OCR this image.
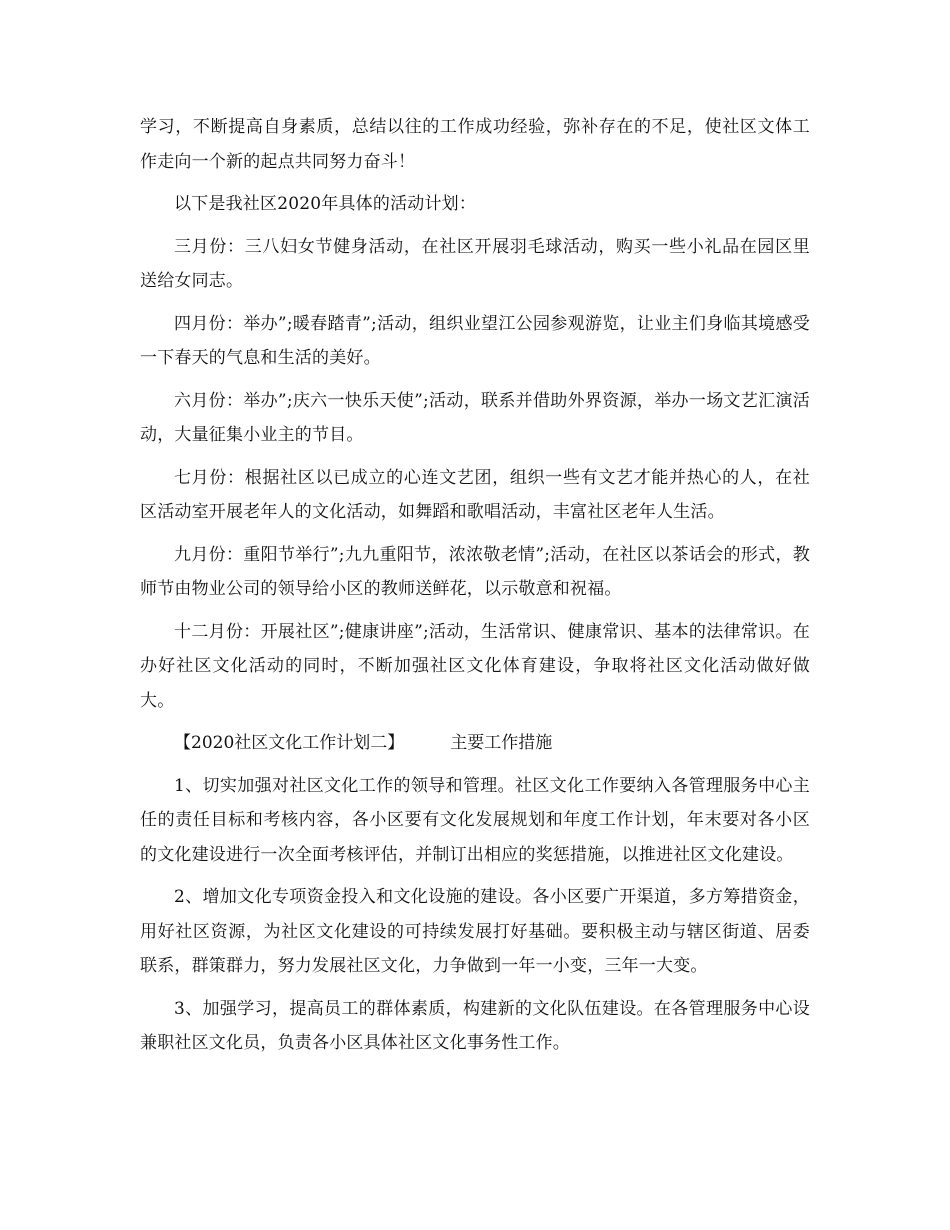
学习，不断提高自身素质，总结以往的工作成功经验，弥补存在的不足，使社区文体工作走向一个新的起点共同努力奋斗！

以下是我社区2020年具体的活动计划：

三月份：三八妇女节健身活动，在社区开展羽毛球活动，购买一些小礼品在园区里送给女同志。

四月份：举办”;暖春踏青”;活动，组织业望江公园参观游览，让业主们身临其境感受一下春天的气息和生活的美好。

六月份：举办”;庆六一快乐天使”;活动，联系并借助外界资源，举办一场文艺汇演活动，大量征集小业主的节目。

七月份：根据社区以已成立的心连文艺团，组织一些有文艺才能并热心的人，在社区活动室开展老年人的文化活动，如舞蹈和歌唱活动，丰富社区老年人生活。

九月份：重阳节举行”;九九重阳节，浓浓敬老情”;活动，在社区以茶话会的形式，教师节由物业公司的领导给小区的教师送鲜花，以示敬意和祝福。

十二月份：开展社区”;健康讲座”;活动，生活常识、健康常识、基本的法律常识。在办好社区文化活动的同时，不断加强社区文化体育建设，争取将社区文化活动做好做大。

【2020社区文化工作计划二】	主要工作措施

1、切实加强对社区文化工作的领导和管理。社区文化工作要纳入各管理服务中心主任的责任目标和考核内容，各小区要有文化发展规划和年度工作计划，年末要对各小区的文化建设进行一次全面考核评估，并制订出相应的奖惩措施，以推进社区文化建设。

2、增加文化专项资金投入和文化设施的建设。各小区要广开渠道，多方筹措资金，用好社区资源，为社区文化建设的可持续发展打好基础。要积极主动与辖区街道、居委联系，群策群力，努力发展社区文化，力争做到一年一小变，三年一大变。

3、加强学习，提高员工的群体素质，构建新的文化队伍建设。在各管理服务中心设兼职社区文化员，负责各小区具体社区文化事务性工作。
